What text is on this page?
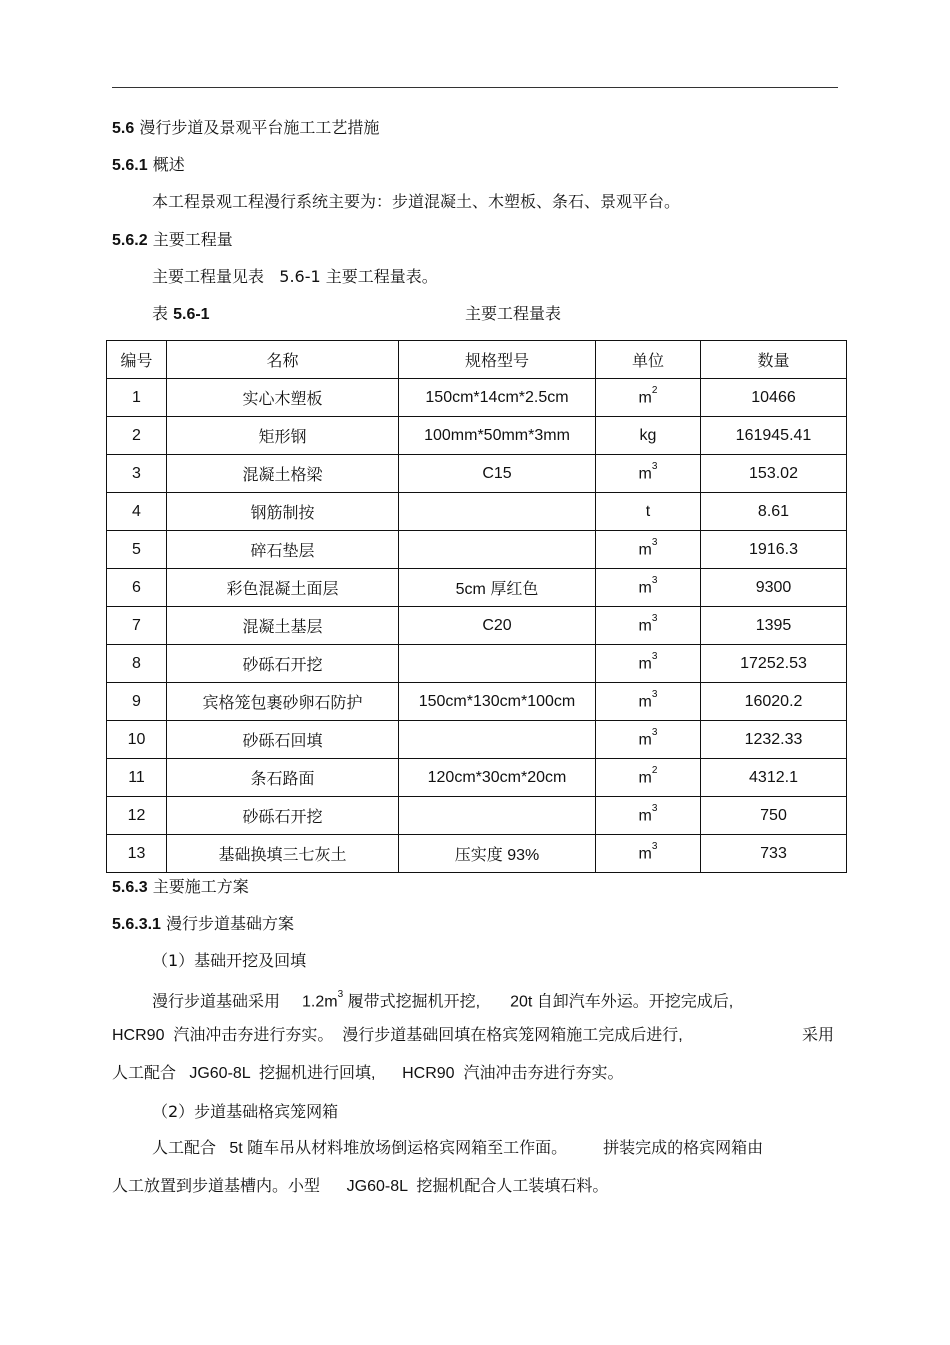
5.6 漫行步道及景观平台施工工艺措施
5.6.1 概述
本工程景观工程漫行系统主要为：步道混凝土、木塑板、条石、景观平台。
5.6.2 主要工程量
主要工程量见表   5.6-1 主要工程量表。
表 5.6-1	主要工程量表
编号	名称	规格型号	单位	数量
1	实心木塑板	150cm*14cm*2.5cm	$m^2$	10466
2	矩形钢	100mm*50mm*3mm	kg	161945.41
3	混凝土格梁	C15	$m^3$	153.02
4	钢筋制按		t	8.61
5	碎石垫层		$m^3$	1916.3
6	彩色混凝土面层	5cm 厚红色	$m^3$	9300
7	混凝土基层	C20	$m^3$	1395
8	砂砾石开挖		$m^3$	17252.53
9	宾格笼包裹砂卵石防护	150cm*130cm*100cm	$m^3$	16020.2
10	砂砾石回填		$m^3$	1232.33
11	条石路面	120cm*30cm*20cm	$m^2$	4312.1
12	砂砾石开挖		$m^3$	750
13	基础换填三七灰土	压实度 93%	$m^3$	733
5.6.3 主要施工方案
5.6.3.1 漫行步道基础方案
（1）基础开挖及回填
漫行步道基础采用 $1.2m^3$ 履带式挖掘机开挖, 20t 自卸汽车外运。开挖完成后,
HCR90  汽油冲击夯进行夯实。  漫行步道基础回填在格宾笼网箱施工完成后进行,	采用
人工配合   JG60-8L  挖掘机进行回填,      HCR90  汽油冲击夯进行夯实。
（2）步道基础格宾笼网箱
人工配合   5t 随车吊从材料堆放场倒运格宾网箱至工作面。 拼装完成的格宾网箱由
人工放置到步道基槽内。小型      JG60-8L  挖掘机配合人工装填石料。
